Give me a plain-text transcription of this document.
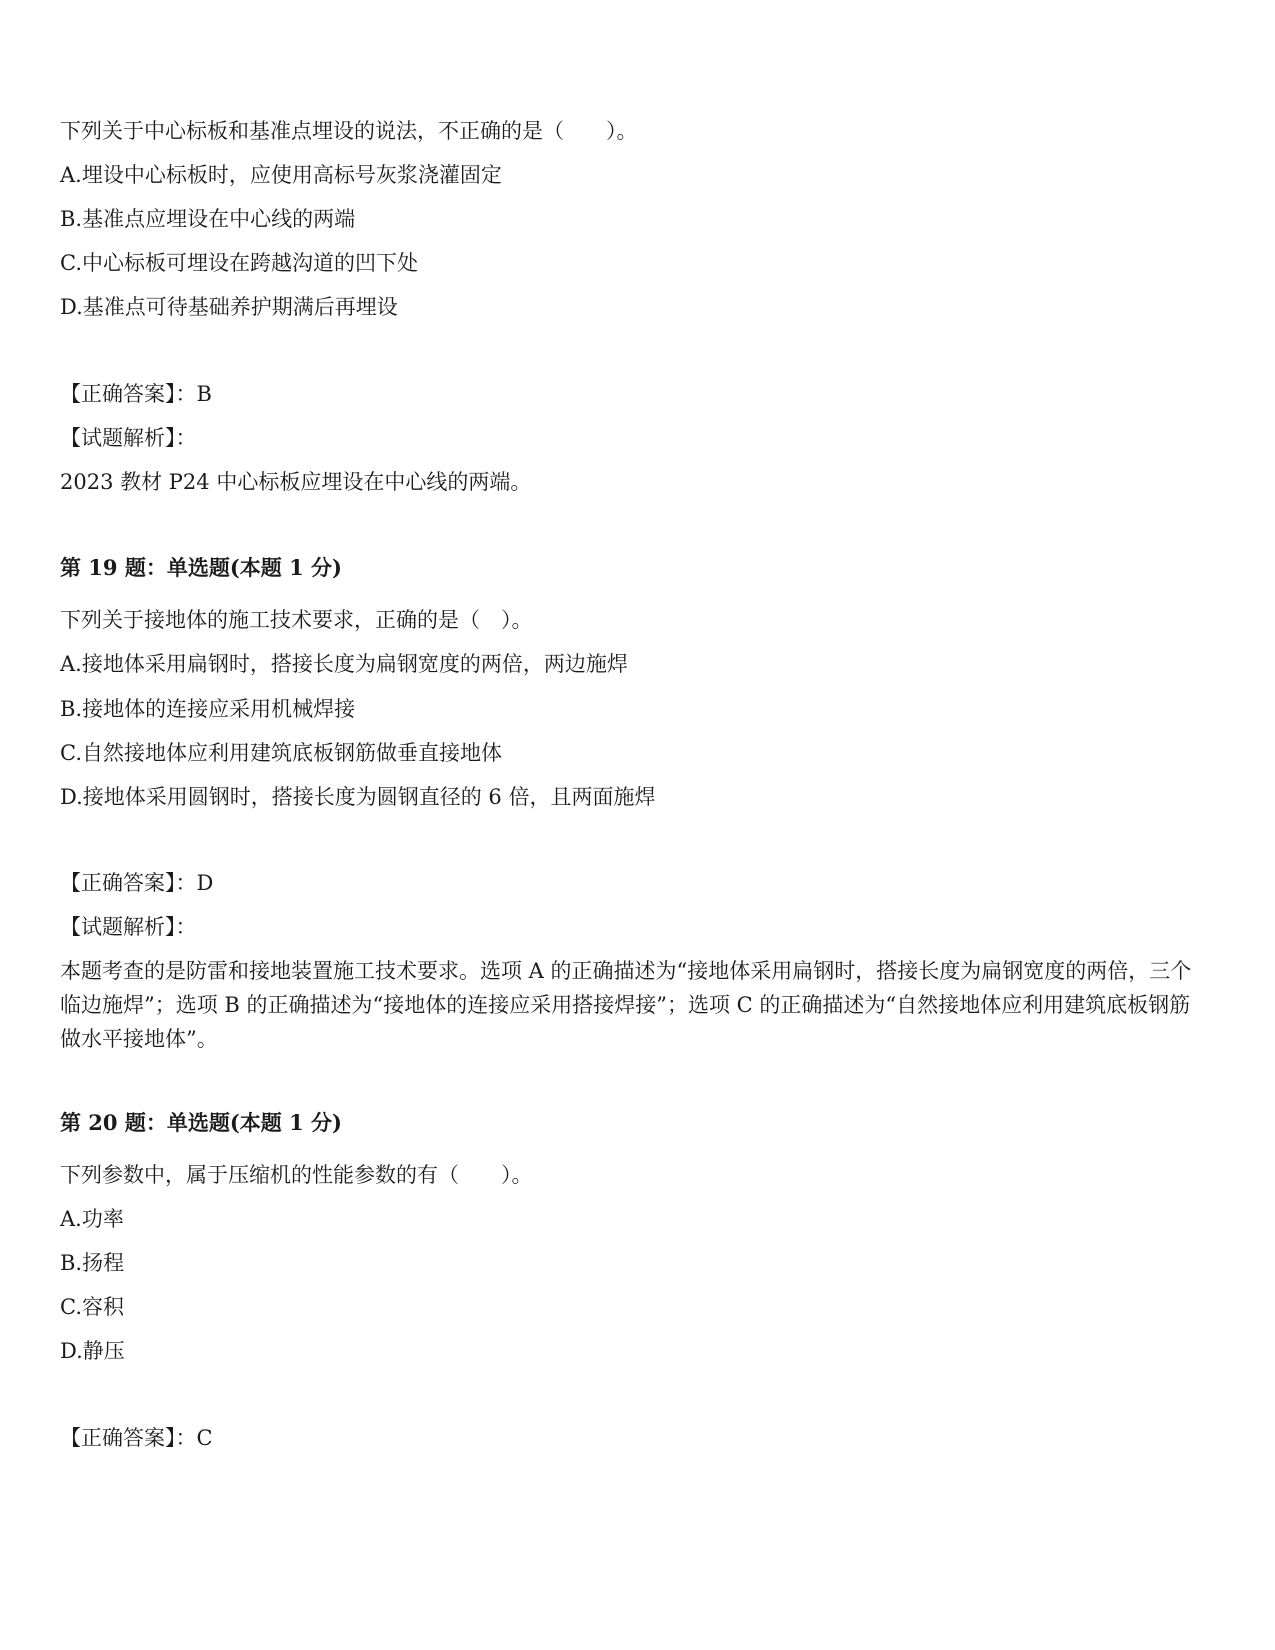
下列关于中心标板和基准点埋设的说法，不正确的是（　　）。
A.埋设中心标板时，应使用高标号灰浆浇灌固定
B.基准点应埋设在中心线的两端
C.中心标板可埋设在跨越沟道的凹下处
D.基准点可待基础养护期满后再埋设
【正确答案】：B
【试题解析】：
2023 教材 P24 中心标板应埋设在中心线的两端。
第 19 题：单选题(本题 1 分)
下列关于接地体的施工技术要求，正确的是（　）。
A.接地体采用扁钢时，搭接长度为扁钢宽度的两倍，两边施焊
B.接地体的连接应采用机械焊接
C.自然接地体应利用建筑底板钢筋做垂直接地体
D.接地体采用圆钢时，搭接长度为圆钢直径的 6 倍，且两面施焊
【正确答案】：D
【试题解析】：
本题考查的是防雷和接地装置施工技术要求。选项 A 的正确描述为“接地体采用扁钢时，搭接长度为扁钢宽度的两倍，三个临边施焊”；选项 B 的正确描述为“接地体的连接应采用搭接焊接”；选项 C 的正确描述为“自然接地体应利用建筑底板钢筋做水平接地体”。
第 20 题：单选题(本题 1 分)
下列参数中，属于压缩机的性能参数的有（　　）。
A.功率
B.扬程
C.容积
D.静压
【正确答案】：C
